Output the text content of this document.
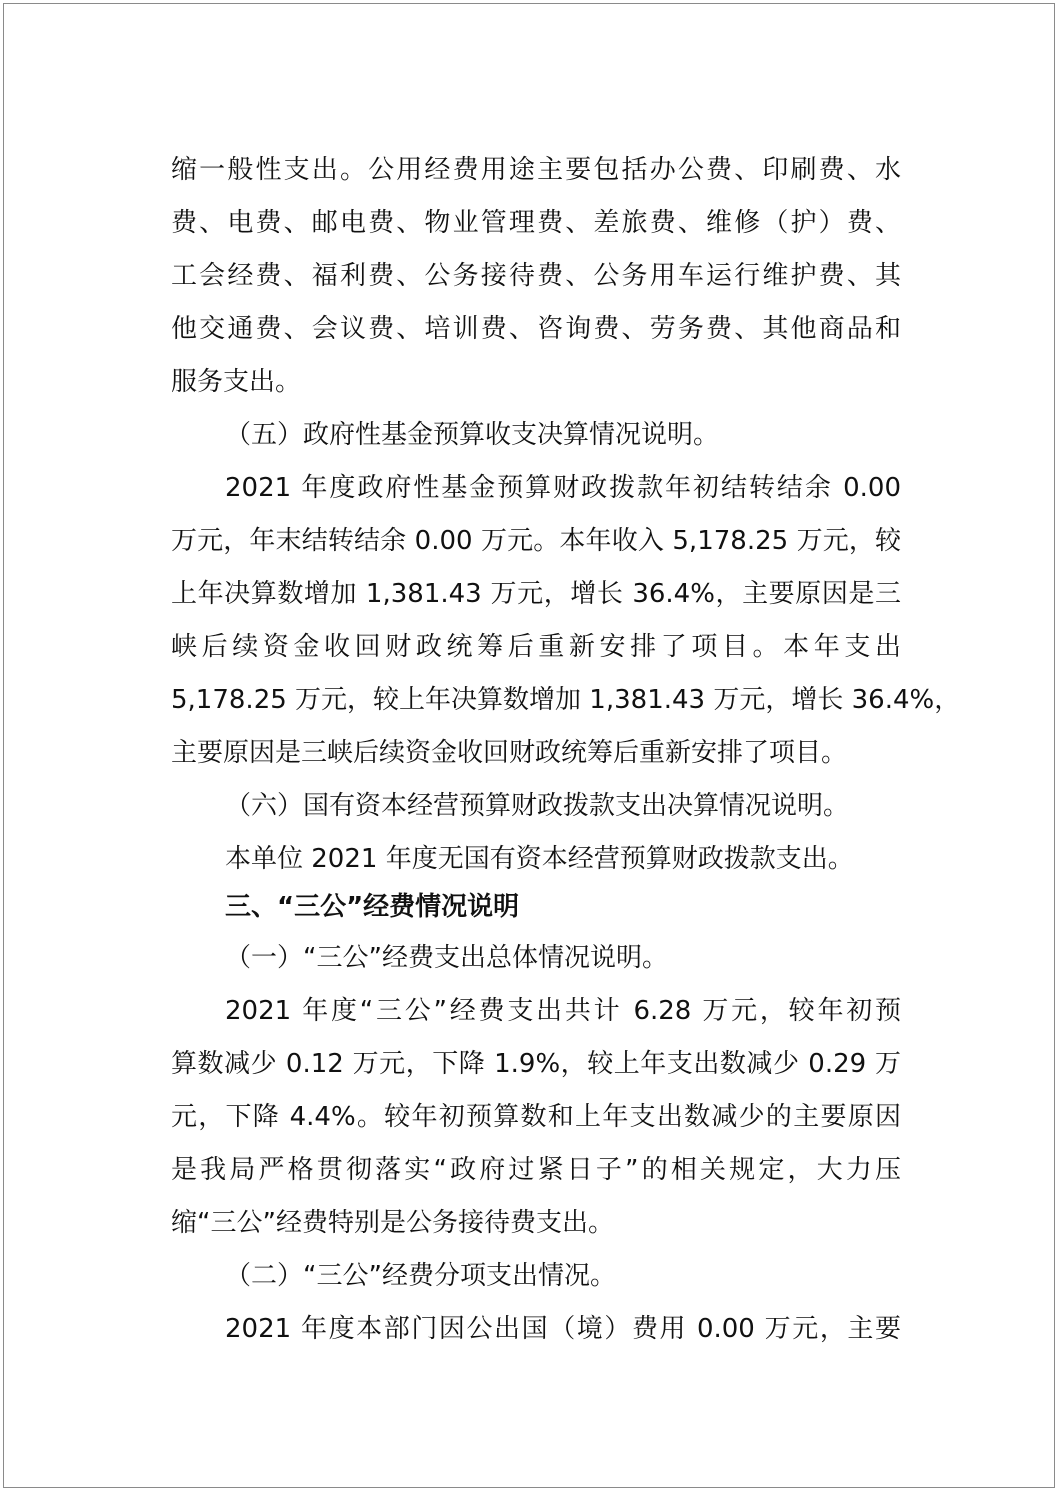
缩一般性支出。公用经费用途主要包括办公费、印刷费、水
费、电费、邮电费、物业管理费、差旅费、维修（护）费、
工会经费、福利费、公务接待费、公务用车运行维护费、其
他交通费、会议费、培训费、咨询费、劳务费、其他商品和
服务支出。
（五）政府性基金预算收支决算情况说明。
2021 年度政府性基金预算财政拨款年初结转结余 0.00
万元，年末结转结余 0.00 万元。本年收入 5,178.25 万元，较
上年决算数增加 1,381.43 万元，增长 36.4%，主要原因是三
峡后续资金收回财政统筹后重新安排了项目。本年支出
5,178.25 万元，较上年决算数增加 1,381.43 万元，增长 36.4%，
主要原因是三峡后续资金收回财政统筹后重新安排了项目。
（六）国有资本经营预算财政拨款支出决算情况说明。
本单位 2021 年度无国有资本经营预算财政拨款支出。
三、“三公”经费情况说明
（一）“三公”经费支出总体情况说明。
2021 年度“三公”经费支出共计 6.28 万元，较年初预
算数减少 0.12 万元，下降 1.9%，较上年支出数减少 0.29 万
元，下降 4.4%。较年初预算数和上年支出数减少的主要原因
是我局严格贯彻落实“政府过紧日子”的相关规定，大力压
缩“三公”经费特别是公务接待费支出。
（二）“三公”经费分项支出情况。
2021 年度本部门因公出国（境）费用 0.00 万元，主要
